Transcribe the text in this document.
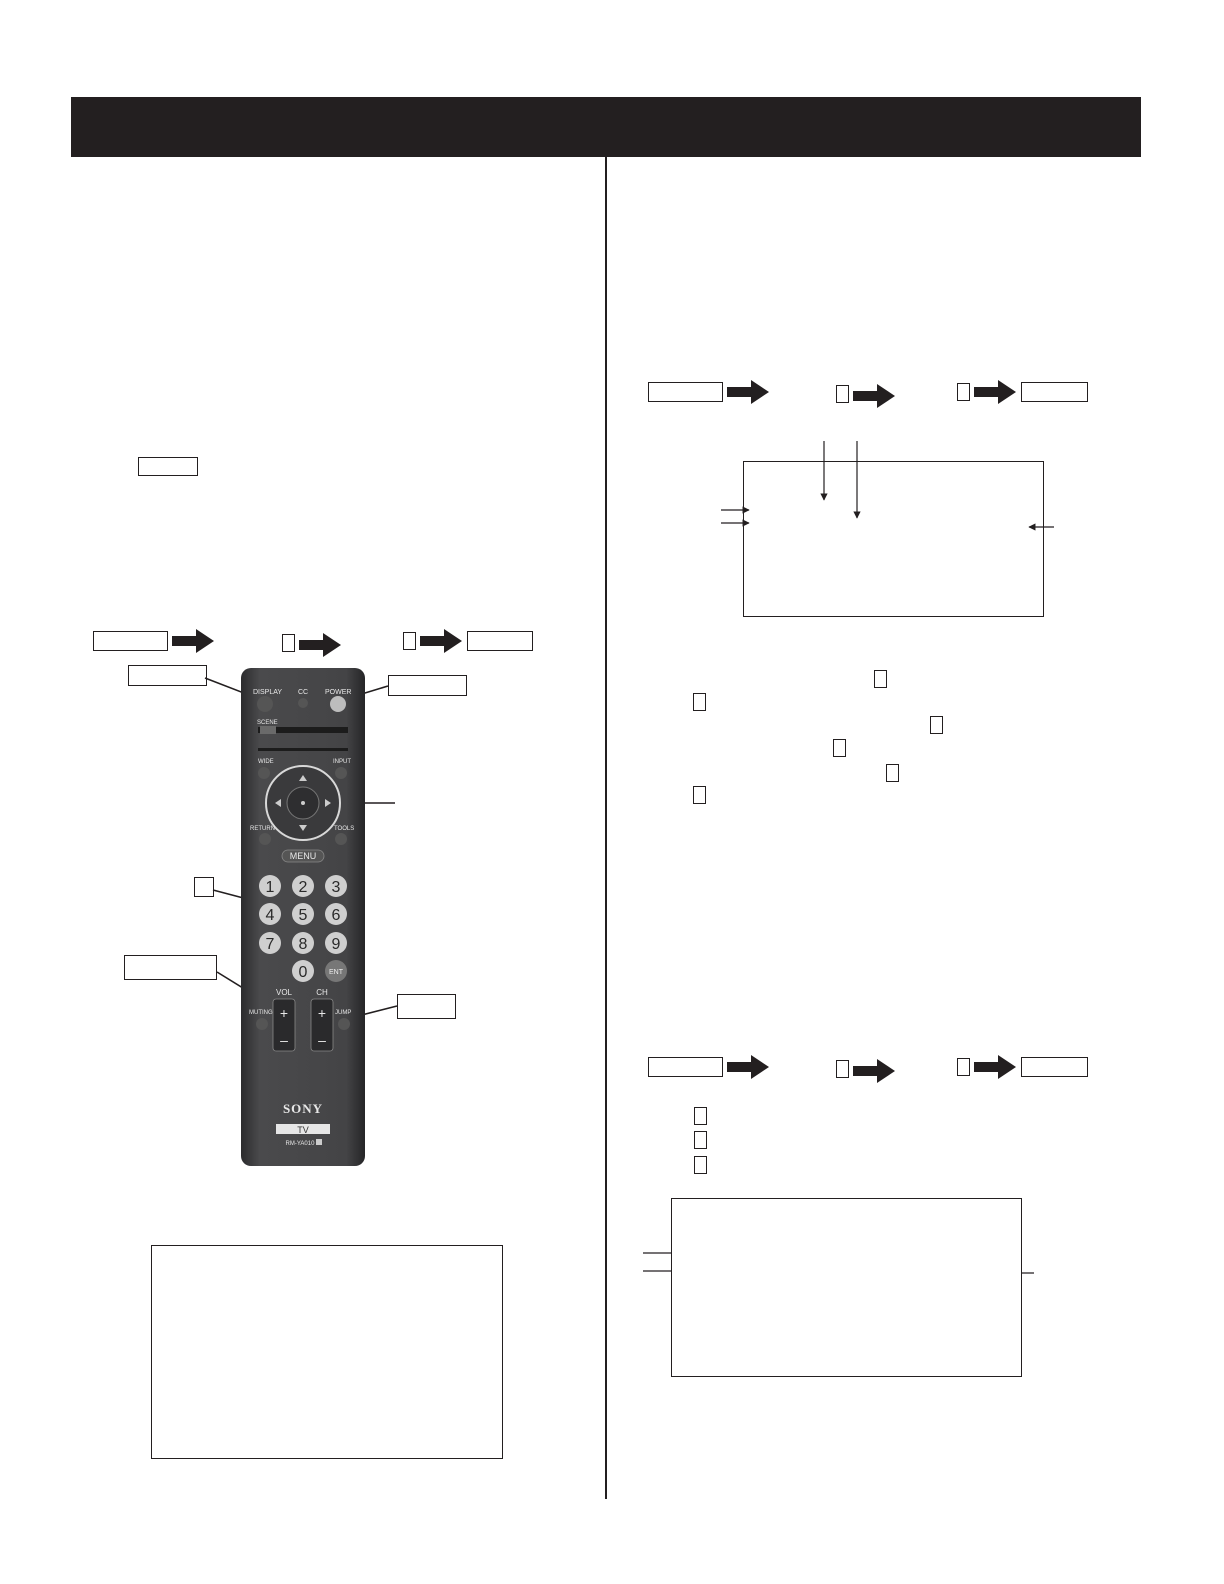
DISPLAY CC POWER
SCENE
WIDE	INPUT
RETURN	TOOLS
MENU
1 2 3
4 5 6
7 8 9
0	ENT
VOL	CH
+
–
+
–
MUTING	JUMP
SONY
TV
RM-YA010
